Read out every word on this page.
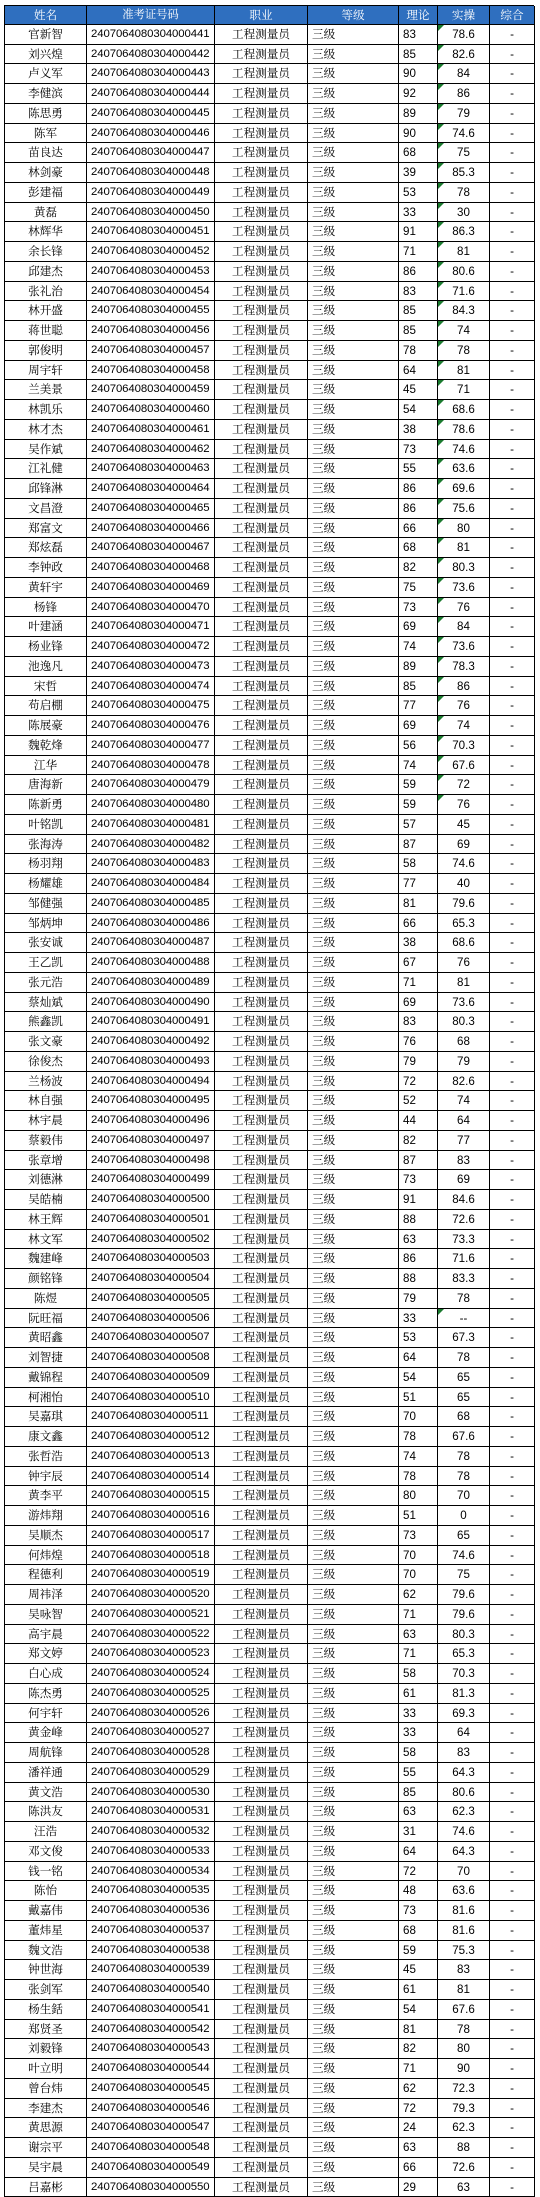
姓名	准考证号码	职业	等级	理论	实操	综合
官新智	2407064080304000441	工程测量员	三级	83	78.6	-
刘兴煌	2407064080304000442	工程测量员	三级	85	82.6	-
卢义军	2407064080304000443	工程测量员	三级	90	84	-
李健滨	2407064080304000444	工程测量员	三级	92	86	-
陈思勇	2407064080304000445	工程测量员	三级	89	79	-
陈军	2407064080304000446	工程测量员	三级	90	74.6	-
苗良达	2407064080304000447	工程测量员	三级	68	75	-
林剑豪	2407064080304000448	工程测量员	三级	39	85.3	-
彭建福	2407064080304000449	工程测量员	三级	53	78	-
黄磊	2407064080304000450	工程测量员	三级	33	30	-
林辉华	2407064080304000451	工程测量员	三级	91	86.3	-
余长锋	2407064080304000452	工程测量员	三级	71	81	-
邱建杰	2407064080304000453	工程测量员	三级	86	80.6	-
张礼治	2407064080304000454	工程测量员	三级	83	71.6	-
林开盛	2407064080304000455	工程测量员	三级	85	84.3	-
蒋世聪	2407064080304000456	工程测量员	三级	85	74	-
郭俊明	2407064080304000457	工程测量员	三级	78	78	-
周宇轩	2407064080304000458	工程测量员	三级	64	81	-
兰美景	2407064080304000459	工程测量员	三级	45	71	-
林凯乐	2407064080304000460	工程测量员	三级	54	68.6	-
林才杰	2407064080304000461	工程测量员	三级	38	78.6	-
吴作斌	2407064080304000462	工程测量员	三级	73	74.6	-
江礼健	2407064080304000463	工程测量员	三级	55	63.6	-
邱锋淋	2407064080304000464	工程测量员	三级	86	69.6	-
文昌澄	2407064080304000465	工程测量员	三级	86	75.6	-
郑富文	2407064080304000466	工程测量员	三级	66	80	-
郑炫磊	2407064080304000467	工程测量员	三级	68	81	-
李钟政	2407064080304000468	工程测量员	三级	82	80.3	-
黄轩宇	2407064080304000469	工程测量员	三级	75	73.6	-
杨锋	2407064080304000470	工程测量员	三级	73	76	-
叶建涵	2407064080304000471	工程测量员	三级	69	84	-
杨业锋	2407064080304000472	工程测量员	三级	74	73.6	-
池逸凡	2407064080304000473	工程测量员	三级	89	78.3	-
宋哲	2407064080304000474	工程测量员	三级	85	86	-
苟启棚	2407064080304000475	工程测量员	三级	77	76	-
陈展豪	2407064080304000476	工程测量员	三级	69	74	-
魏乾烽	2407064080304000477	工程测量员	三级	56	70.3	-
江华	2407064080304000478	工程测量员	三级	74	67.6	-
唐海新	2407064080304000479	工程测量员	三级	59	72	-
陈新勇	2407064080304000480	工程测量员	三级	59	76	-
叶铭凯	2407064080304000481	工程测量员	三级	57	45	-
张海涛	2407064080304000482	工程测量员	三级	87	69	-
杨羽翔	2407064080304000483	工程测量员	三级	58	74.6	-
杨耀雄	2407064080304000484	工程测量员	三级	77	40	-
邹健强	2407064080304000485	工程测量员	三级	81	79.6	-
邹炳坤	2407064080304000486	工程测量员	三级	66	65.3	-
张安诚	2407064080304000487	工程测量员	三级	38	68.6	-
王乙凯	2407064080304000488	工程测量员	三级	67	76	-
张元浩	2407064080304000489	工程测量员	三级	71	81	-
蔡灿斌	2407064080304000490	工程测量员	三级	69	73.6	-
熊鑫凯	2407064080304000491	工程测量员	三级	83	80.3	-
张文豪	2407064080304000492	工程测量员	三级	76	68	-
徐俊杰	2407064080304000493	工程测量员	三级	79	79	-
兰杨波	2407064080304000494	工程测量员	三级	72	82.6	-
林自强	2407064080304000495	工程测量员	三级	52	74	-
林宇晨	2407064080304000496	工程测量员	三级	44	64	-
蔡毅伟	2407064080304000497	工程测量员	三级	82	77	-
张章增	2407064080304000498	工程测量员	三级	87	83	-
刘德淋	2407064080304000499	工程测量员	三级	73	69	-
吴皓楠	2407064080304000500	工程测量员	三级	91	84.6	-
林王辉	2407064080304000501	工程测量员	三级	88	72.6	-
林文军	2407064080304000502	工程测量员	三级	63	73.3	-
魏建峰	2407064080304000503	工程测量员	三级	86	71.6	-
颜铭锋	2407064080304000504	工程测量员	三级	88	83.3	-
陈煜	2407064080304000505	工程测量员	三级	79	78	-
阮旺福	2407064080304000506	工程测量员	三级	33	--	-
黄昭鑫	2407064080304000507	工程测量员	三级	53	67.3	-
刘智捷	2407064080304000508	工程测量员	三级	64	78	-
戴锦程	2407064080304000509	工程测量员	三级	54	65	-
柯湘怡	2407064080304000510	工程测量员	三级	51	65	-
吴嘉琪	2407064080304000511	工程测量员	三级	70	68	-
康文鑫	2407064080304000512	工程测量员	三级	78	67.6	-
张哲浩	2407064080304000513	工程测量员	三级	74	78	-
钟宇辰	2407064080304000514	工程测量员	三级	78	78	-
黄李平	2407064080304000515	工程测量员	三级	80	70	-
游炜翔	2407064080304000516	工程测量员	三级	51	0	-
吴顺杰	2407064080304000517	工程测量员	三级	73	65	-
何炜煌	2407064080304000518	工程测量员	三级	70	74.6	-
程德利	2407064080304000519	工程测量员	三级	70	75	-
周祎泽	2407064080304000520	工程测量员	三级	62	79.6	-
吴咏智	2407064080304000521	工程测量员	三级	71	79.6	-
高宇晨	2407064080304000522	工程测量员	三级	63	80.3	-
郑文婷	2407064080304000523	工程测量员	三级	71	65.3	-
白心成	2407064080304000524	工程测量员	三级	58	70.3	-
陈杰勇	2407064080304000525	工程测量员	三级	61	81.3	-
何宇轩	2407064080304000526	工程测量员	三级	33	69.3	-
黄金峰	2407064080304000527	工程测量员	三级	33	64	-
周航锋	2407064080304000528	工程测量员	三级	58	83	-
潘祥通	2407064080304000529	工程测量员	三级	55	64.3	-
黄文浩	2407064080304000530	工程测量员	三级	85	80.6	-
陈洪友	2407064080304000531	工程测量员	三级	63	62.3	-
汪浩	2407064080304000532	工程测量员	三级	31	74.6	-
邓文俊	2407064080304000533	工程测量员	三级	64	64.3	-
钱一铭	2407064080304000534	工程测量员	三级	72	70	-
陈怡	2407064080304000535	工程测量员	三级	48	63.6	-
戴嘉伟	2407064080304000536	工程测量员	三级	73	81.6	-
董炜星	2407064080304000537	工程测量员	三级	68	81.6	-
魏文浩	2407064080304000538	工程测量员	三级	59	75.3	-
钟世海	2407064080304000539	工程测量员	三级	45	83	-
张剑军	2407064080304000540	工程测量员	三级	61	81	-
杨生銛	2407064080304000541	工程测量员	三级	54	67.6	-
郑贤圣	2407064080304000542	工程测量员	三级	81	78	-
刘毅锋	2407064080304000543	工程测量员	三级	82	80	-
叶立明	2407064080304000544	工程测量员	三级	71	90	-
曾台炜	2407064080304000545	工程测量员	三级	62	72.3	-
李建杰	2407064080304000546	工程测量员	三级	72	79.3	-
黄思源	2407064080304000547	工程测量员	三级	24	62.3	-
谢宗平	2407064080304000548	工程测量员	三级	63	88	-
吴宇晨	2407064080304000549	工程测量员	三级	66	72.6	-
吕嘉彬	2407064080304000550	工程测量员	三级	29	63	-
